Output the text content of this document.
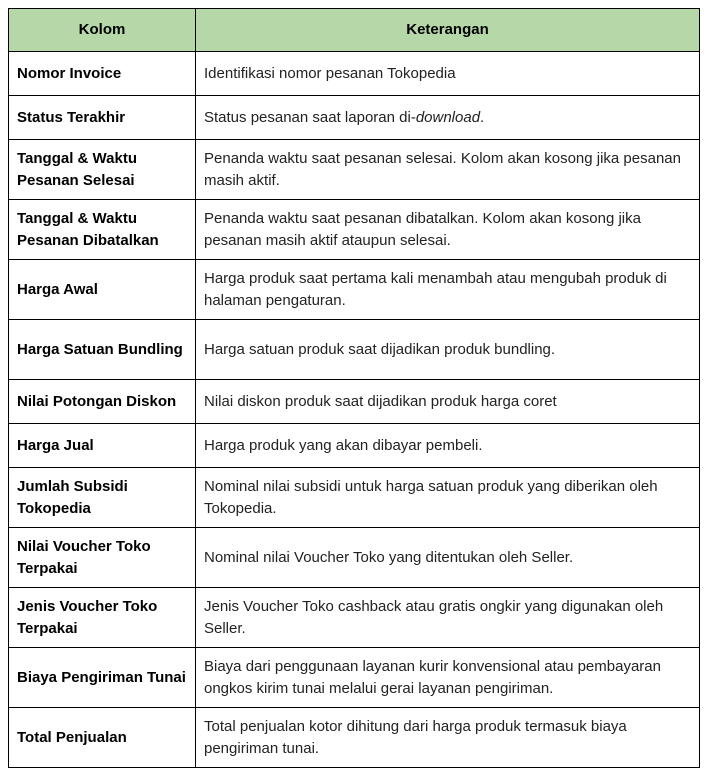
Kolom	Keterangan
Nomor Invoice	Identifikasi nomor pesanan Tokopedia
Status Terakhir	Status pesanan saat laporan di-download.
Tanggal & Waktu Pesanan Selesai	Penanda waktu saat pesanan selesai. Kolom akan kosong jika pesanan masih aktif.
Tanggal & Waktu Pesanan Dibatalkan	Penanda waktu saat pesanan dibatalkan. Kolom akan kosong jika pesanan masih aktif ataupun selesai.
Harga Awal	Harga produk saat pertama kali menambah atau mengubah produk di halaman pengaturan.
Harga Satuan Bundling	Harga satuan produk saat dijadikan produk bundling.
Nilai Potongan Diskon	Nilai diskon produk saat dijadikan produk harga coret
Harga Jual	Harga produk yang akan dibayar pembeli.
Jumlah Subsidi Tokopedia	Nominal nilai subsidi untuk harga satuan produk yang diberikan oleh Tokopedia.
Nilai Voucher Toko Terpakai	Nominal nilai Voucher Toko yang ditentukan oleh Seller.
Jenis Voucher Toko Terpakai	Jenis Voucher Toko cashback atau gratis ongkir yang digunakan oleh Seller.
Biaya Pengiriman Tunai	Biaya dari penggunaan layanan kurir konvensional atau pembayaran ongkos kirim tunai melalui gerai layanan pengiriman.
Total Penjualan	Total penjualan kotor dihitung dari harga produk termasuk biaya pengiriman tunai.
